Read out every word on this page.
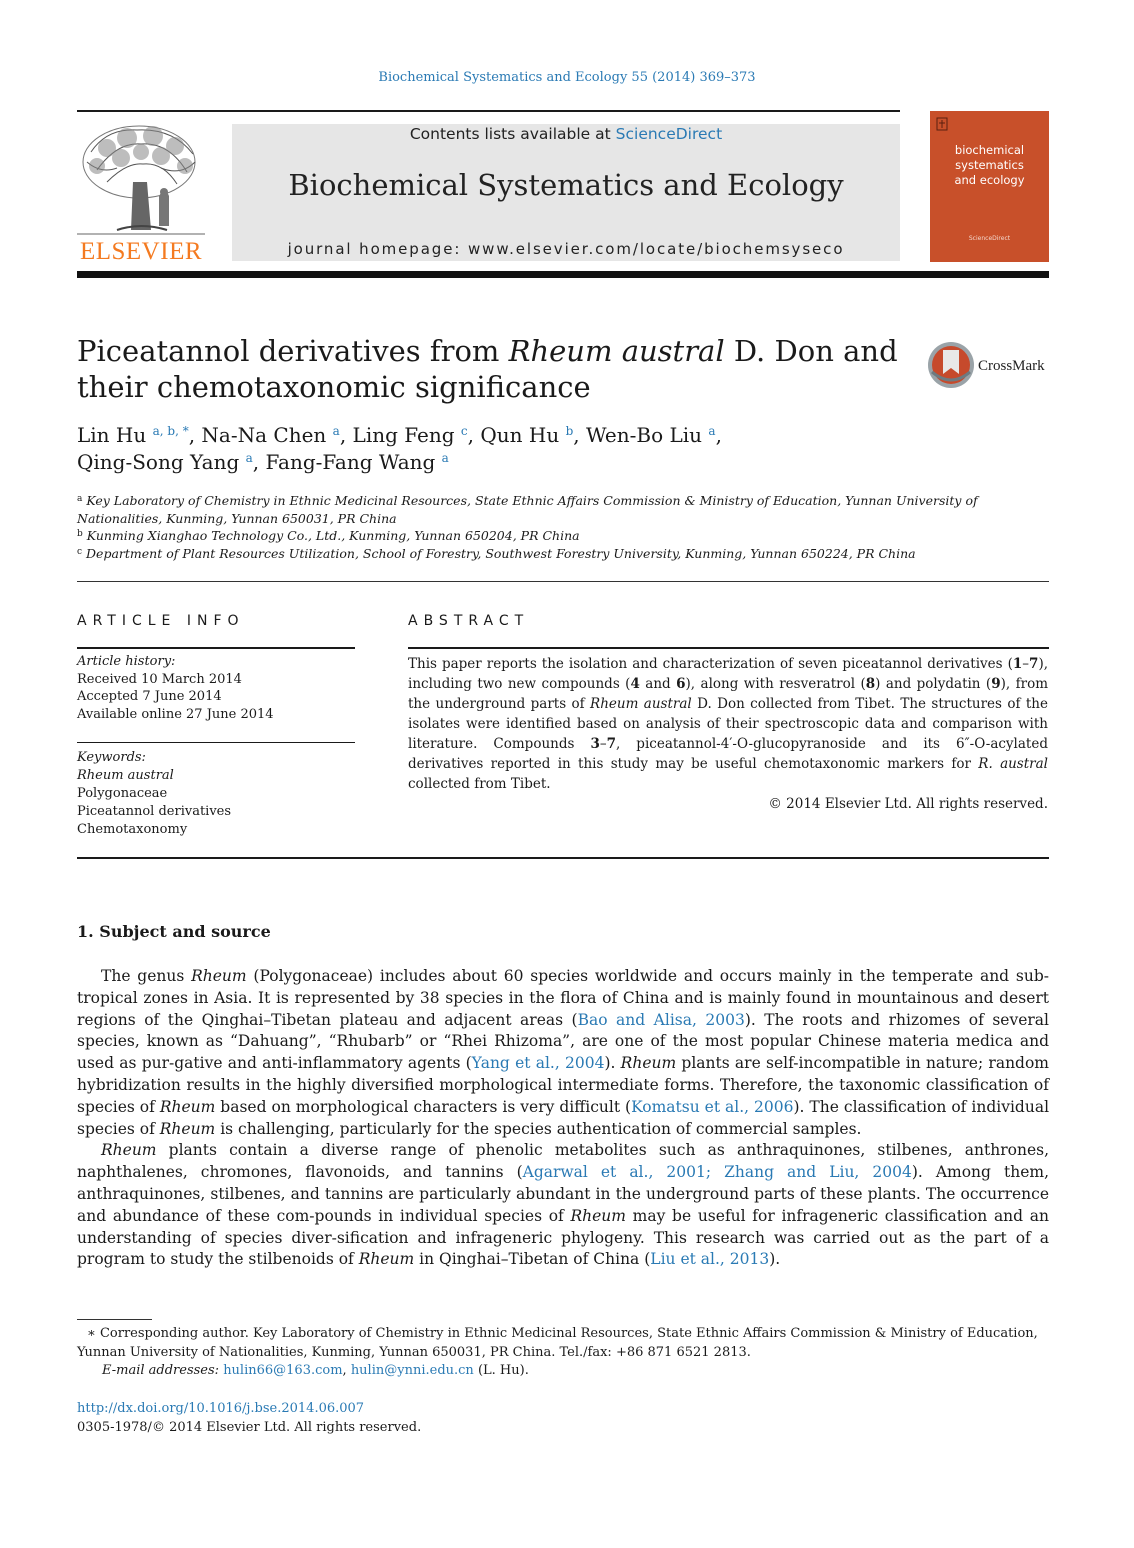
Biochemical Systematics and Ecology 55 (2014) 369–373
ELSEVIER
Contents lists available at ScienceDirect
Biochemical Systematics and Ecology
journal homepage: www.elsevier.com/locate/biochemsyseco
biochemical
systematics
and ecology
ScienceDirect
Piceatannol derivatives from Rheum austral D. Don and their chemotaxonomic significance
CrossMark
Lin Hu $^{a, b, *}$, Na-Na Chen $^a$, Ling Feng $^c$, Qun Hu $^b$, Wen-Bo Liu $^a$,
Qing-Song Yang $^a$, Fang-Fang Wang $^a$
$^a$ Key Laboratory of Chemistry in Ethnic Medicinal Resources, State Ethnic Affairs Commission & Ministry of Education, Yunnan University of Nationalities, Kunming, Yunnan 650031, PR China
$^b$ Kunming Xianghao Technology Co., Ltd., Kunming, Yunnan 650204, PR China
$^c$ Department of Plant Resources Utilization, School of Forestry, Southwest Forestry University, Kunming, Yunnan 650224, PR China
ARTICLE INFO	ABSTRACT
Article history:
Received 10 March 2014
Accepted 7 June 2014
Available online 27 June 2014
Keywords:
Rheum austral
Polygonaceae
Piceatannol derivatives
Chemotaxonomy
This paper reports the isolation and characterization of seven piceatannol derivatives (1–7), including two new compounds (4 and 6), along with resveratrol (8) and polydatin (9), from the underground parts of Rheum austral D. Don collected from Tibet. The structures of the isolates were identified based on analysis of their spectroscopic data and comparison with literature. Compounds 3–7, piceatannol-4′-O-glucopyranoside and its 6″-O-acylated derivatives reported in this study may be useful chemotaxonomic markers for R. austral collected from Tibet.
© 2014 Elsevier Ltd. All rights reserved.
1. Subject and source

The genus Rheum (Polygonaceae) includes about 60 species worldwide and occurs mainly in the temperate and sub-tropical zones in Asia. It is represented by 38 species in the flora of China and is mainly found in mountainous and desert regions of the Qinghai–Tibetan plateau and adjacent areas (Bao and Alisa, 2003). The roots and rhizomes of several species, known as “Dahuang”, “Rhubarb” or “Rhei Rhizoma”, are one of the most popular Chinese materia medica and used as pur-gative and anti-inflammatory agents (Yang et al., 2004). Rheum plants are self-incompatible in nature; random hybridization results in the highly diversified morphological intermediate forms. Therefore, the taxonomic classification of species of Rheum based on morphological characters is very difficult (Komatsu et al., 2006). The classification of individual species of Rheum is challenging, particularly for the species authentication of commercial samples.

Rheum plants contain a diverse range of phenolic metabolites such as anthraquinones, stilbenes, anthrones, naphthalenes, chromones, flavonoids, and tannins (Agarwal et al., 2001; Zhang and Liu, 2004). Among them, anthraquinones, stilbenes, and tannins are particularly abundant in the underground parts of these plants. The occurrence and abundance of these com-pounds in individual species of Rheum may be useful for infrageneric classification and an understanding of species diver-sification and infrageneric phylogeny. This research was carried out as the part of a program to study the stilbenoids of Rheum in Qinghai–Tibetan of China (Liu et al., 2013).

∗ Corresponding author. Key Laboratory of Chemistry in Ethnic Medicinal Resources, State Ethnic Affairs Commission & Ministry of Education, Yunnan University of Nationalities, Kunming, Yunnan 650031, PR China. Tel./fax: +86 871 6521 2813.
E-mail addresses: hulin66@163.com, hulin@ynni.edu.cn (L. Hu).
http://dx.doi.org/10.1016/j.bse.2014.06.007
0305-1978/© 2014 Elsevier Ltd. All rights reserved.
